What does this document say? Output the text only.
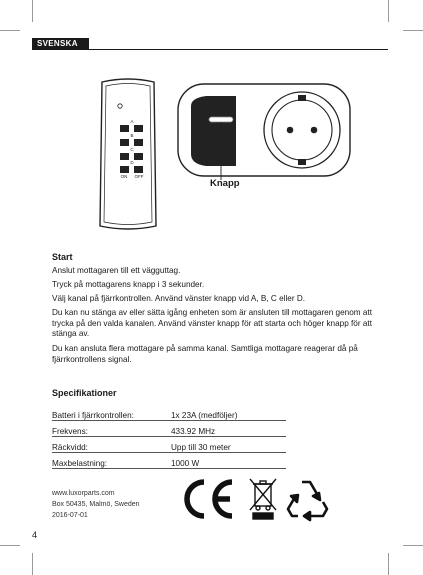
SVENSKA
A
B
C
D
ON OFF
Knapp
Start
Anslut mottagaren till ett vägguttag.
Tryck på mottagarens knapp i 3 sekunder.
Välj kanal på fjärrkontrollen. Använd vänster knapp vid A, B, C eller D.
Du kan nu stänga av eller sätta igång enheten som är ansluten till mottagaren genom att trycka på den valda kanalen. Använd vänster knapp för att starta och höger knapp för att stänga av.
Du kan ansluta flera mottagare på samma kanal. Samtliga mottagare reagerar då på fjärrkontrollens signal.
Specifikationer
Batteri i fjärrkontrollen:	1x 23A (medföljer)
Frekvens:	433.92 MHz
Räckvidd:	Upp till 30 meter
Maxbelastning:	1000 W
www.luxorparts.com
Box 50435, Malmö, Sweden
2016-07-01
4
